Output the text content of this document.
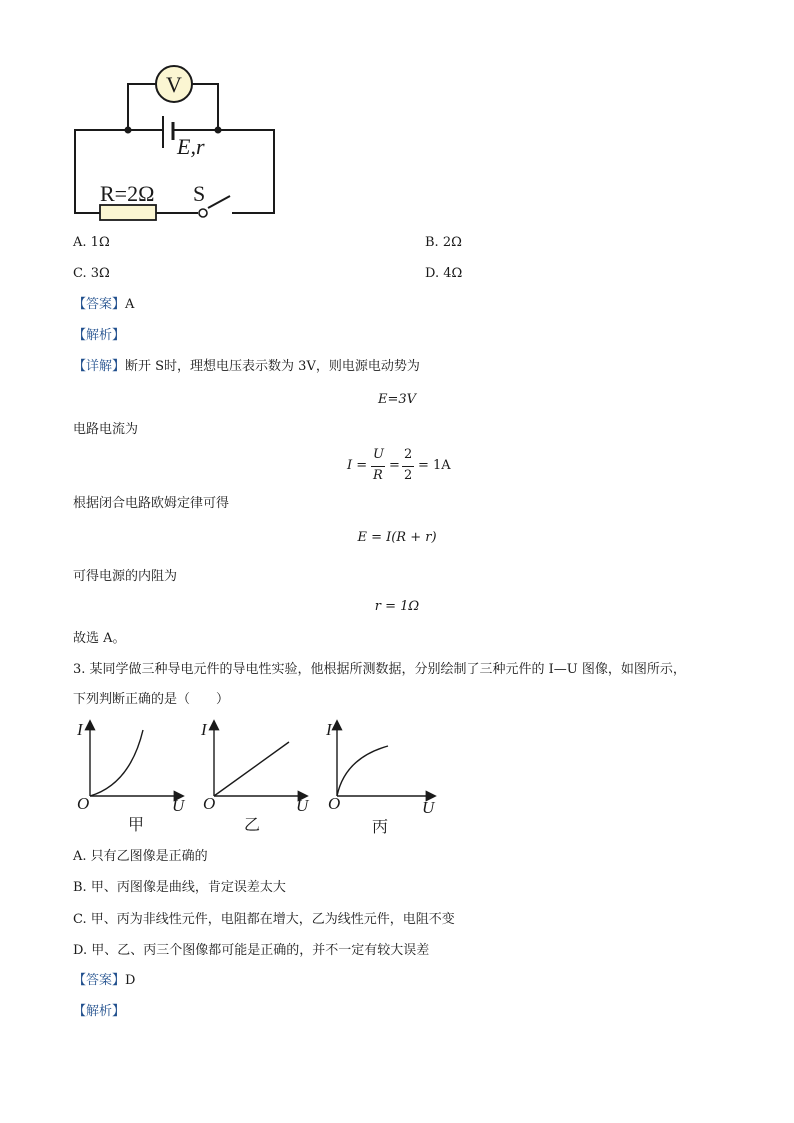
V
E,r
R=2Ω S
A. 1Ω	B. 2Ω
C. 3Ω	D. 4Ω
【答案】A
【解析】
【详解】断开 S时，理想电压表示数为 3V，则电源电动势为
E=3V
电路电流为
I =
U
R
=
2
2
= 1A
根据闭合电路欧姆定律可得
E = I(R + r)
可得电源的内阻为
r = 1Ω
故选 A。
3. 某同学做三种导电元件的导电性实验，他根据所测数据，分别绘制了三种元件的 I—U 图像，如图所示，
下列判断正确的是（　　）
I
O	U
甲
I
O	U
乙
I
O	U
丙
A. 只有乙图像是正确的
B. 甲、丙图像是曲线，肯定误差太大
C. 甲、丙为非线性元件，电阻都在增大，乙为线性元件，电阻不变
D. 甲、乙、丙三个图像都可能是正确的，并不一定有较大误差
【答案】D
【解析】
